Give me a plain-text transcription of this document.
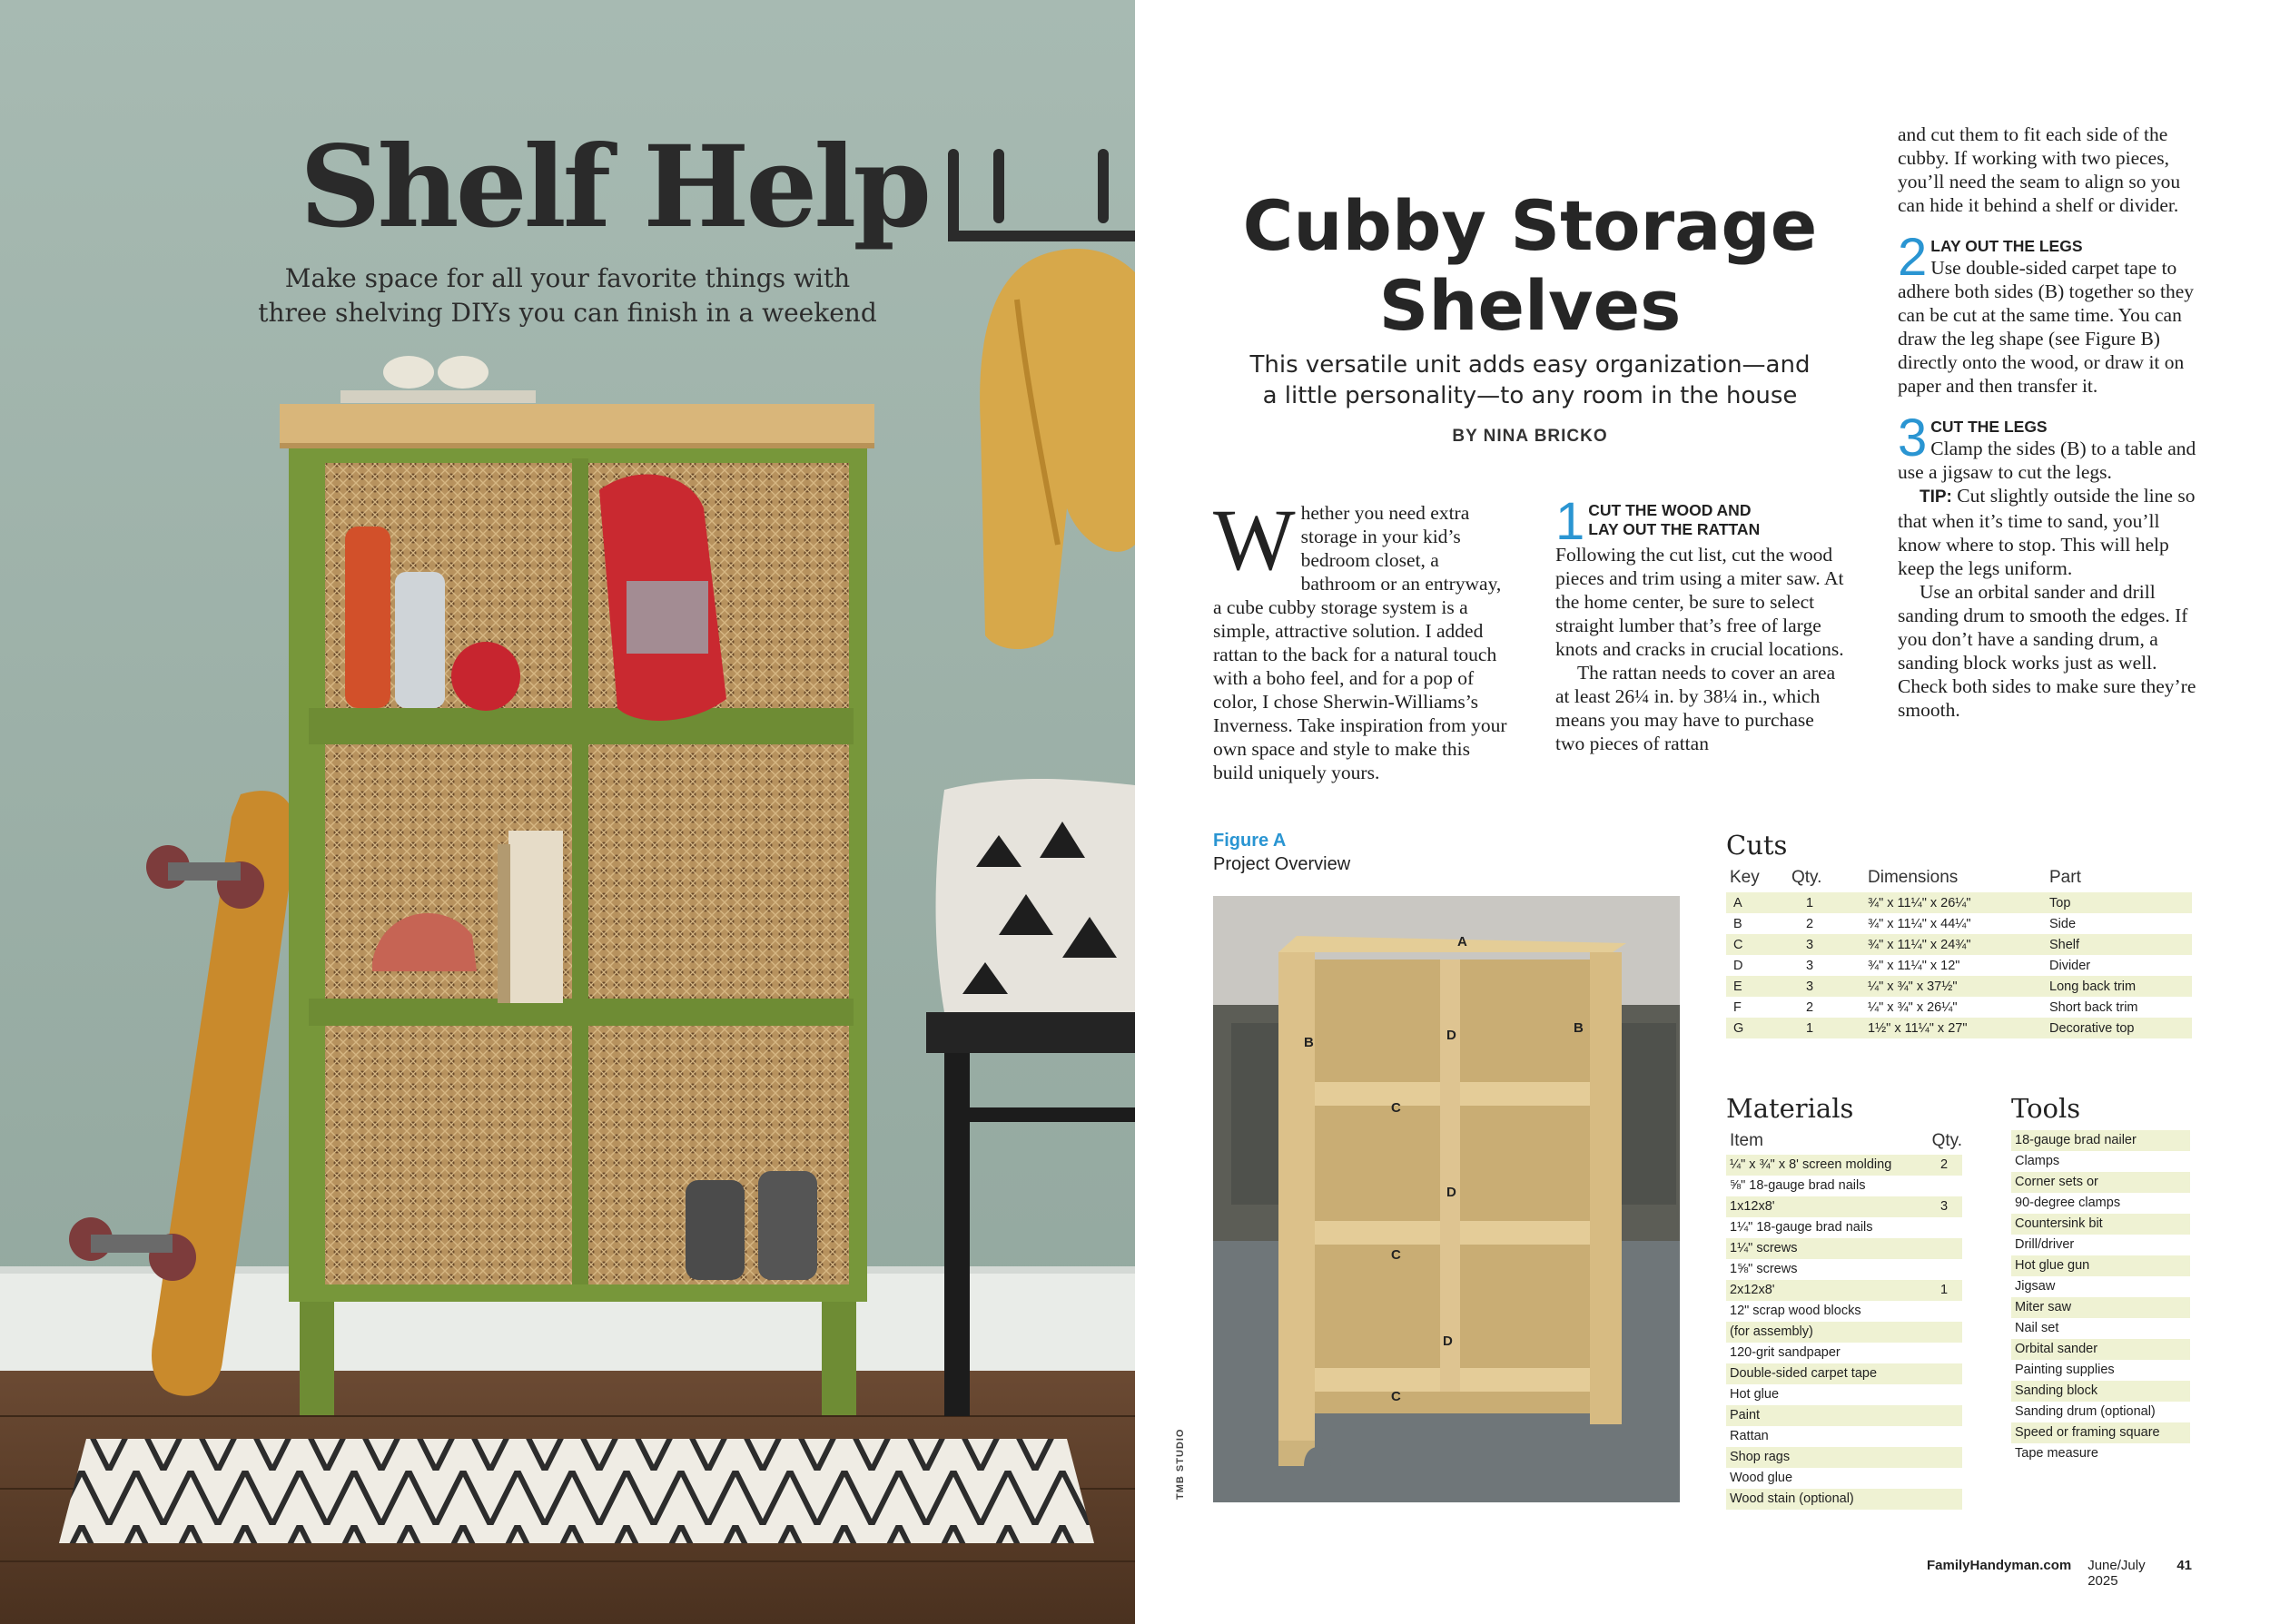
Shelf Help
Make space for all your favorite things with
three shelving DIYs you can finish in a weekend
Cubby Storage
Shelves
This versatile unit adds easy organization—and
a little personality—to any room in the house
BY NINA BRICKO
Whether you need extra storage in your kid’s bedroom closet, a bathroom or an entryway, a cube cubby storage system is a simple, attractive solution. I added rattan to the back for a natural touch with a boho feel, and for a pop of color, I chose Sherwin-Williams’s Inverness. Take inspiration from your own space and style to make this build uniquely yours.
1 CUT THE WOOD AND
LAY OUT THE RATTAN

Following the cut list, cut the wood pieces and trim using a miter saw. At the home center, be sure to select straight lumber that’s free of large knots and cracks in crucial locations.

The rattan needs to cover an area at least 26¼ in. by 38¼ in., which means you may have to purchase two pieces of rattan

and cut them to fit each side of the cubby. If working with two pieces, you’ll need the seam to align so you can hide it behind a shelf or divider.

2 LAY OUT THE LEGS

Use double-sided carpet tape to adhere both sides (B) together so they can be cut at the same time. You can draw the leg shape (see Figure B) directly onto the wood, or draw it on paper and then transfer it.

3 CUT THE LEGS

Clamp the sides (B) to a table and use a jigsaw to cut the legs.

TIP: Cut slightly outside the line so that when it’s time to sand, you’ll know where to stop. This will help keep the legs uniform.

Use an orbital sander and drill sanding drum to smooth the edges. If you don’t have a sanding drum, a sanding block works just as well. Check both sides to make sure they’re smooth.

Figure A
Project Overview
A
B
B
D
D
D
C
C
C
TMB STUDIO
Cuts
Key	Qty.	Dimensions	Part
A	1	¾" x 11¼" x 26¼"	Top
B	2	¾" x 11¼" x 44¼"	Side
C	3	¾" x 11¼" x 24¾"	Shelf
D	3	¾" x 11¼" x 12"	Divider
E	3	¼" x ¾" x 37½"	Long back trim
F	2	¼" x ¾" x 26¼"	Short back trim
G	1	1½" x 11¼" x 27"	Decorative top
Materials
Item	Qty.
¼" x ¾" x 8' screen molding	2
⅝" 18-gauge brad nails
1x12x8'	3
1¼" 18-gauge brad nails
1¼" screws
1⅝" screws
2x12x8'	1
12" scrap wood blocks
(for assembly)
120-grit sandpaper
Double-sided carpet tape
Hot glue
Paint
Rattan
Shop rags
Wood glue
Wood stain (optional)
Tools
18-gauge brad nailer
Clamps
Corner sets or
90-degree clamps
Countersink bit
Drill/driver
Hot glue gun
Jigsaw
Miter saw
Nail set
Orbital sander
Painting supplies
Sanding block
Sanding drum (optional)
Speed or framing square
Tape measure
FamilyHandyman.com June/July 2025
41
